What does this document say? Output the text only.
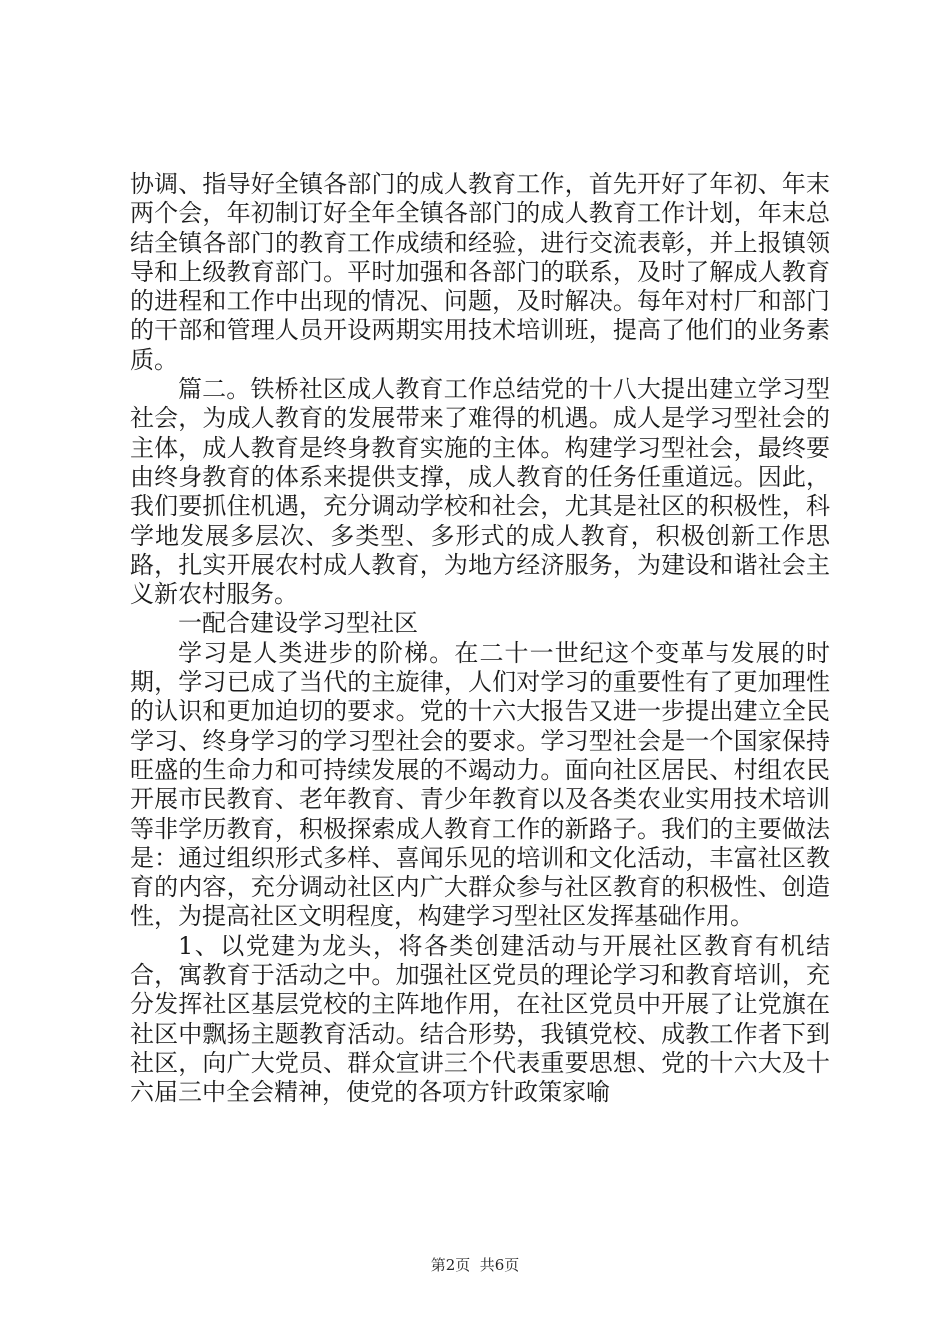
协调、指导好全镇各部门的成人教育工作，首先开好了年初、年末两个会，年初制订好全年全镇各部门的成人教育工作计划，年末总结全镇各部门的教育工作成绩和经验，进行交流表彰，并上报镇领导和上级教育部门。平时加强和各部门的联系，及时了解成人教育的进程和工作中出现的情况、问题，及时解决。每年对村厂和部门的干部和管理人员开设两期实用技术培训班，提高了他们的业务素质。

篇二。铁桥社区成人教育工作总结党的十八大提出建立学习型社会，为成人教育的发展带来了难得的机遇。成人是学习型社会的主体，成人教育是终身教育实施的主体。构建学习型社会，最终要由终身教育的体系来提供支撑，成人教育的任务任重道远。因此，我们要抓住机遇，充分调动学校和社会，尤其是社区的积极性，科学地发展多层次、多类型、多形式的成人教育，积极创新工作思路，扎实开展农村成人教育，为地方经济服务，为建设和谐社会主义新农村服务。

一配合建设学习型社区

学习是人类进步的阶梯。在二十一世纪这个变革与发展的时期，学习已成了当代的主旋律，人们对学习的重要性有了更加理性的认识和更加迫切的要求。党的十六大报告又进一步提出建立全民学习、终身学习的学习型社会的要求。学习型社会是一个国家保持旺盛的生命力和可持续发展的不竭动力。面向社区居民、村组农民开展市民教育、老年教育、青少年教育以及各类农业实用技术培训等非学历教育，积极探索成人教育工作的新路子。我们的主要做法是：通过组织形式多样、喜闻乐见的培训和文化活动，丰富社区教育的内容，充分调动社区内广大群众参与社区教育的积极性、创造性，为提高社区文明程度，构建学习型社区发挥基础作用。

1、以党建为龙头，将各类创建活动与开展社区教育有机结合，寓教育于活动之中。加强社区党员的理论学习和教育培训，充分发挥社区基层党校的主阵地作用，在社区党员中开展了让党旗在社区中飘扬主题教育活动。结合形势，我镇党校、成教工作者下到社区，向广大党员、群众宣讲三个代表重要思想、党的十六大及十六届三中全会精神，使党的各项方针政策家喻

第2页  共6页
